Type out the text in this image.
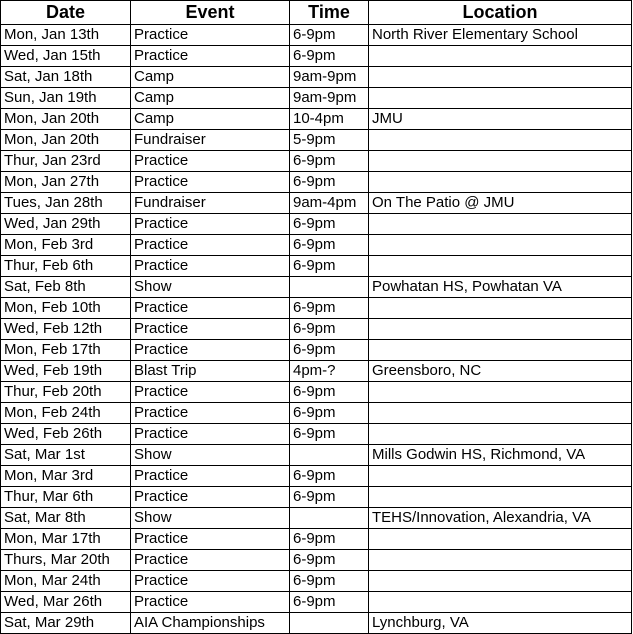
Date	Event	Time	Location
Mon, Jan 13th	Practice	6-9pm	North River Elementary School
Wed, Jan 15th	Practice	6-9pm	
Sat, Jan 18th	Camp	9am-9pm	
Sun, Jan 19th	Camp	9am-9pm	
Mon, Jan 20th	Camp	10-4pm	JMU
Mon, Jan 20th	Fundraiser	5-9pm	
Thur, Jan 23rd	Practice	6-9pm	
Mon, Jan 27th	Practice	6-9pm	
Tues, Jan 28th	Fundraiser	9am-4pm	On The Patio @ JMU
Wed, Jan 29th	Practice	6-9pm	
Mon, Feb 3rd	Practice	6-9pm	
Thur, Feb 6th	Practice	6-9pm	
Sat, Feb 8th	Show		Powhatan HS, Powhatan VA
Mon, Feb 10th	Practice	6-9pm	
Wed, Feb 12th	Practice	6-9pm	
Mon, Feb 17th	Practice	6-9pm	
Wed, Feb 19th	Blast Trip	4pm-?	Greensboro, NC
Thur, Feb 20th	Practice	6-9pm	
Mon, Feb 24th	Practice	6-9pm	
Wed, Feb 26th	Practice	6-9pm	
Sat, Mar 1st	Show		Mills Godwin HS, Richmond, VA
Mon, Mar 3rd	Practice	6-9pm	
Thur, Mar 6th	Practice	6-9pm	
Sat, Mar 8th	Show		TEHS/Innovation, Alexandria, VA
Mon, Mar 17th	Practice	6-9pm	
Thurs, Mar 20th	Practice	6-9pm	
Mon, Mar 24th	Practice	6-9pm	
Wed, Mar 26th	Practice	6-9pm	
Sat, Mar 29th	AIA Championships		Lynchburg, VA
